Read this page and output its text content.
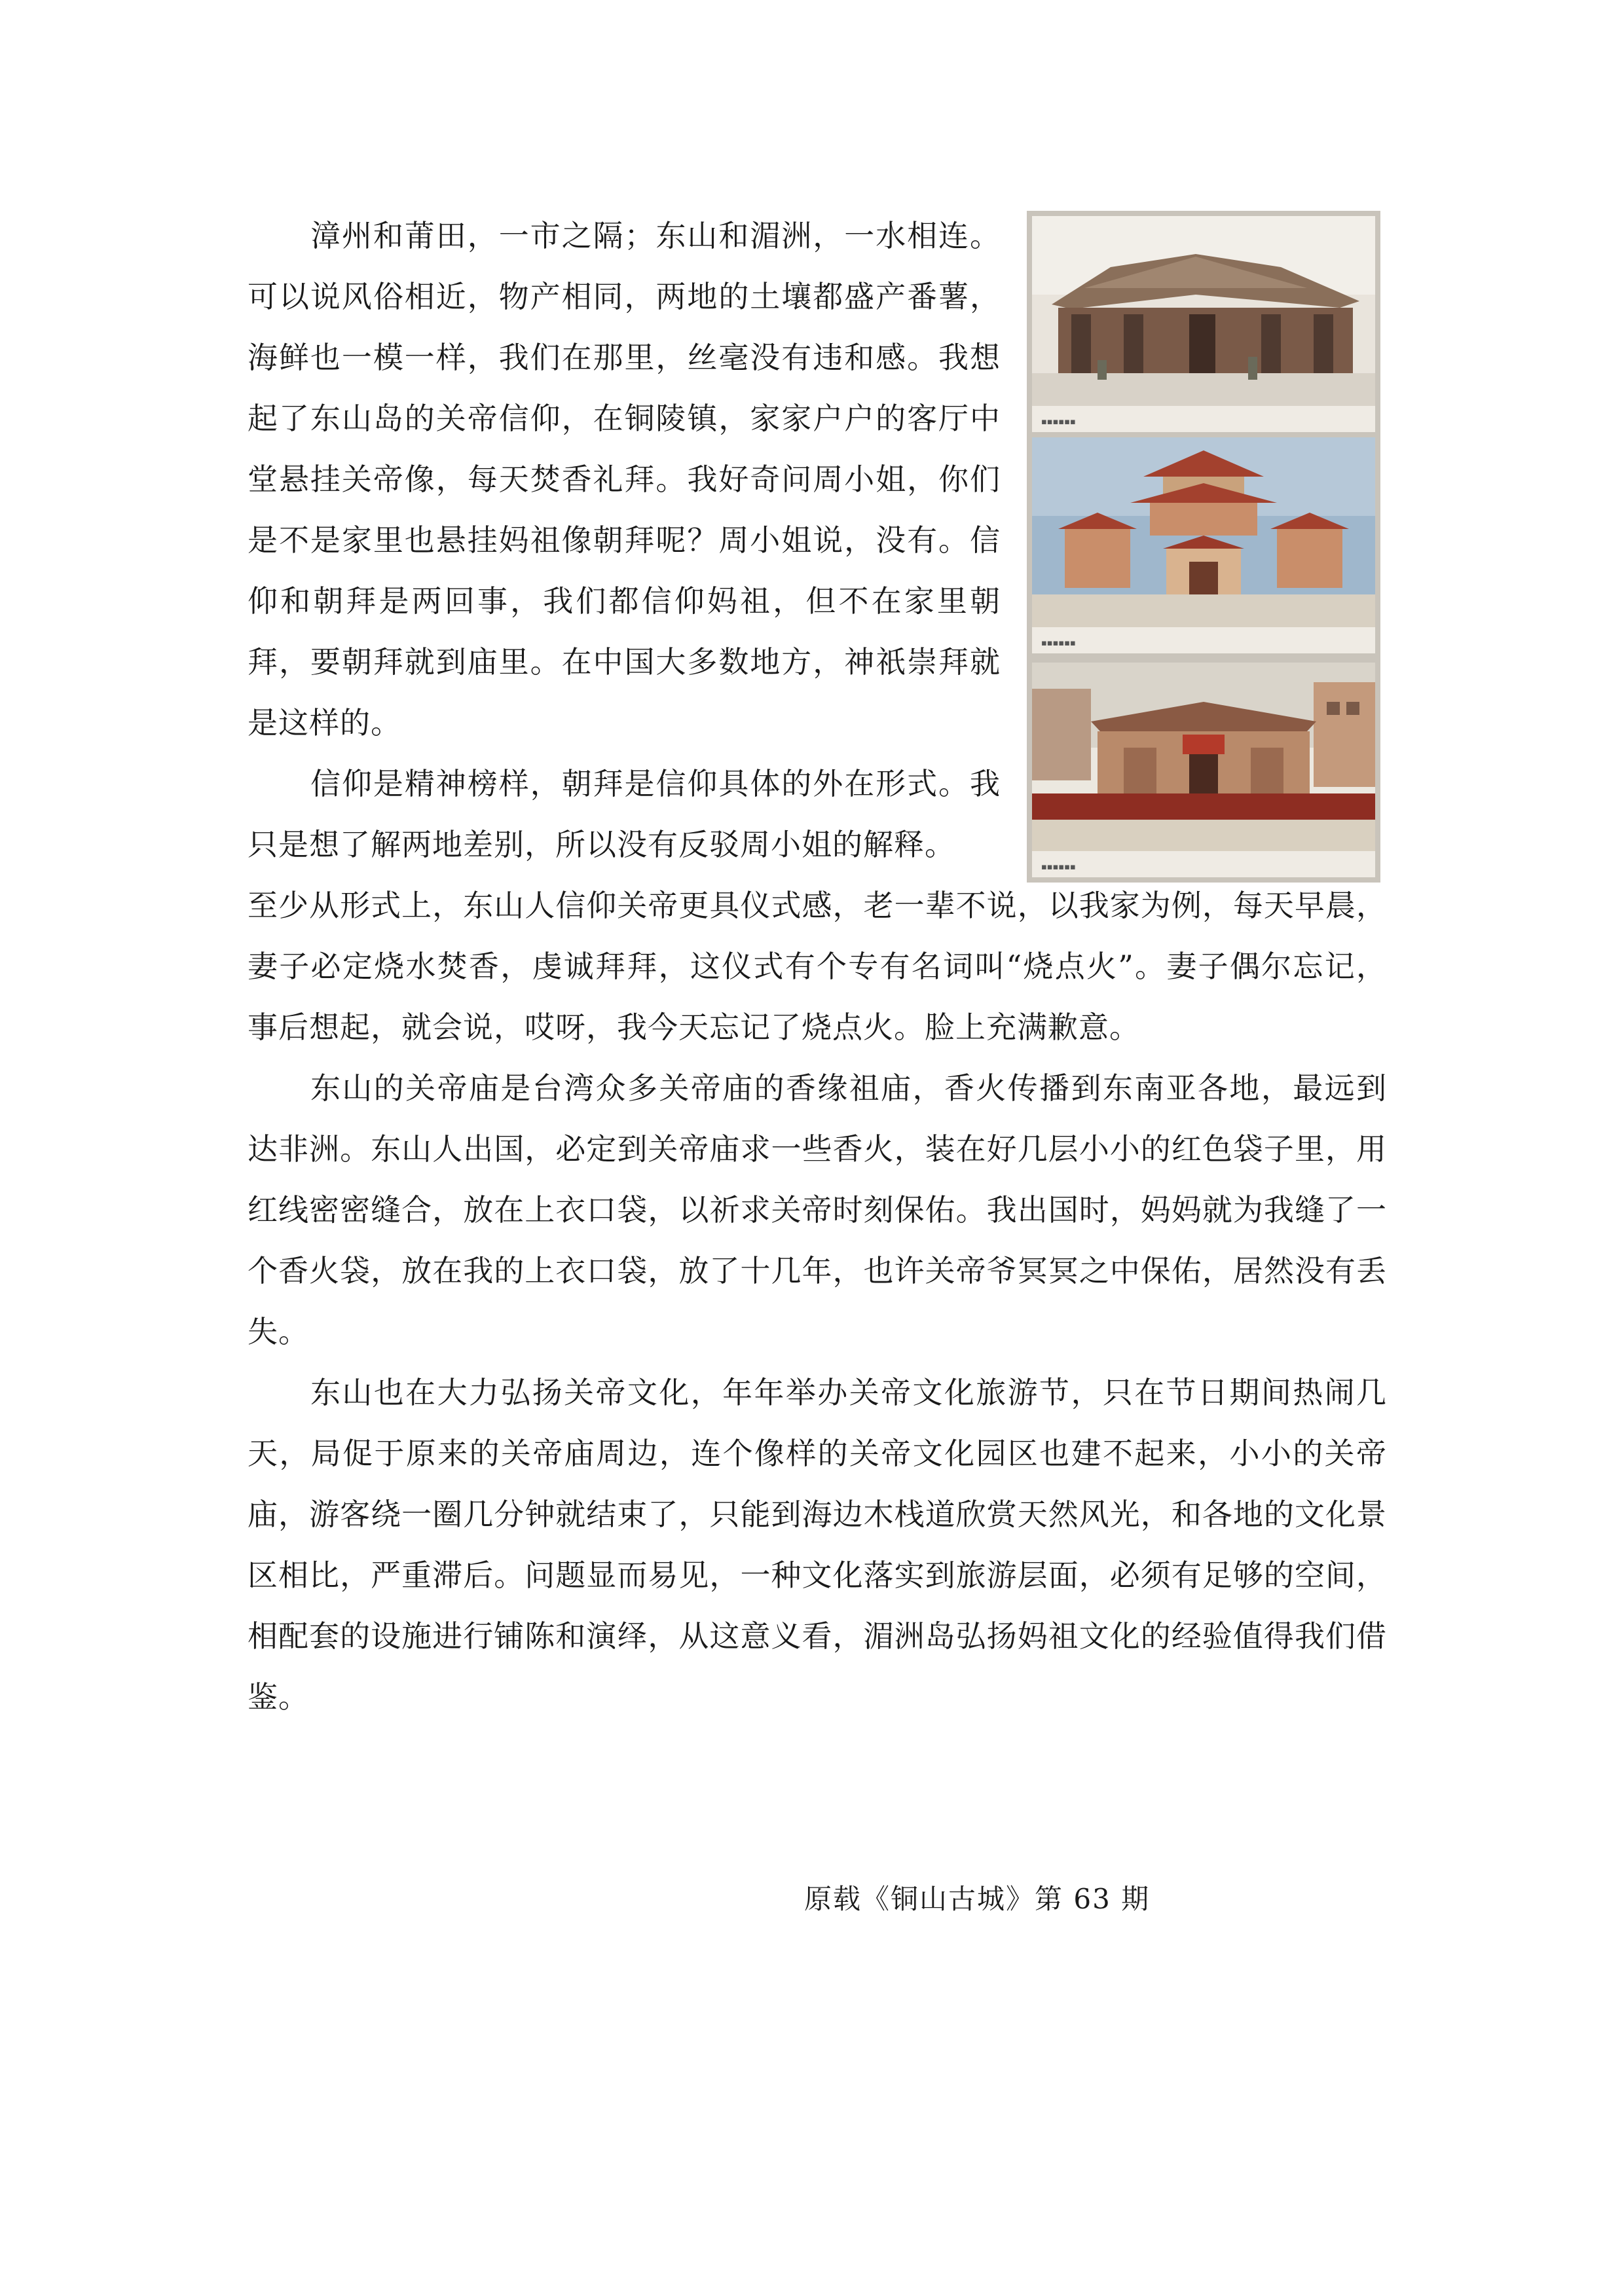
漳州和莆田，一市之隔；东山和湄洲，一水相连。可以说风俗相近，物产相同，两地的土壤都盛产番薯，海鲜也一模一样，我们在那里，丝毫没有违和感。我想起了东山岛的关帝信仰，在铜陵镇，家家户户的客厅中堂悬挂关帝像，每天焚香礼拜。我好奇问周小姐，你们是不是家里也悬挂妈祖像朝拜呢？周小姐说，没有。信仰和朝拜是两回事，我们都信仰妈祖，但不在家里朝拜，要朝拜就到庙里。在中国大多数地方，神祇崇拜就是这样的。

信仰是精神榜样，朝拜是信仰具体的外在形式。我只是想了解两地差别，所以没有反驳周小姐的解释。

▪▪▪▪▪▪
▪▪▪▪▪▪
▪▪▪▪▪▪

至少从形式上，东山人信仰关帝更具仪式感，老一辈不说，以我家为例，每天早晨，妻子必定烧水焚香，虔诚拜拜，这仪式有个专有名词叫“烧点火”。妻子偶尔忘记，事后想起，就会说，哎呀，我今天忘记了烧点火。脸上充满歉意。

东山的关帝庙是台湾众多关帝庙的香缘祖庙，香火传播到东南亚各地，最远到达非洲。东山人出国，必定到关帝庙求一些香火，装在好几层小小的红色袋子里，用红线密密缝合，放在上衣口袋，以祈求关帝时刻保佑。我出国时，妈妈就为我缝了一个香火袋，放在我的上衣口袋，放了十几年，也许关帝爷冥冥之中保佑，居然没有丢失。

东山也在大力弘扬关帝文化，年年举办关帝文化旅游节，只在节日期间热闹几天，局促于原来的关帝庙周边，连个像样的关帝文化园区也建不起来，小小的关帝庙，游客绕一圈几分钟就结束了，只能到海边木栈道欣赏天然风光，和各地的文化景区相比，严重滞后。问题显而易见，一种文化落实到旅游层面，必须有足够的空间，相配套的设施进行铺陈和演绎，从这意义看，湄洲岛弘扬妈祖文化的经验值得我们借鉴。

原载《铜山古城》第 63 期
